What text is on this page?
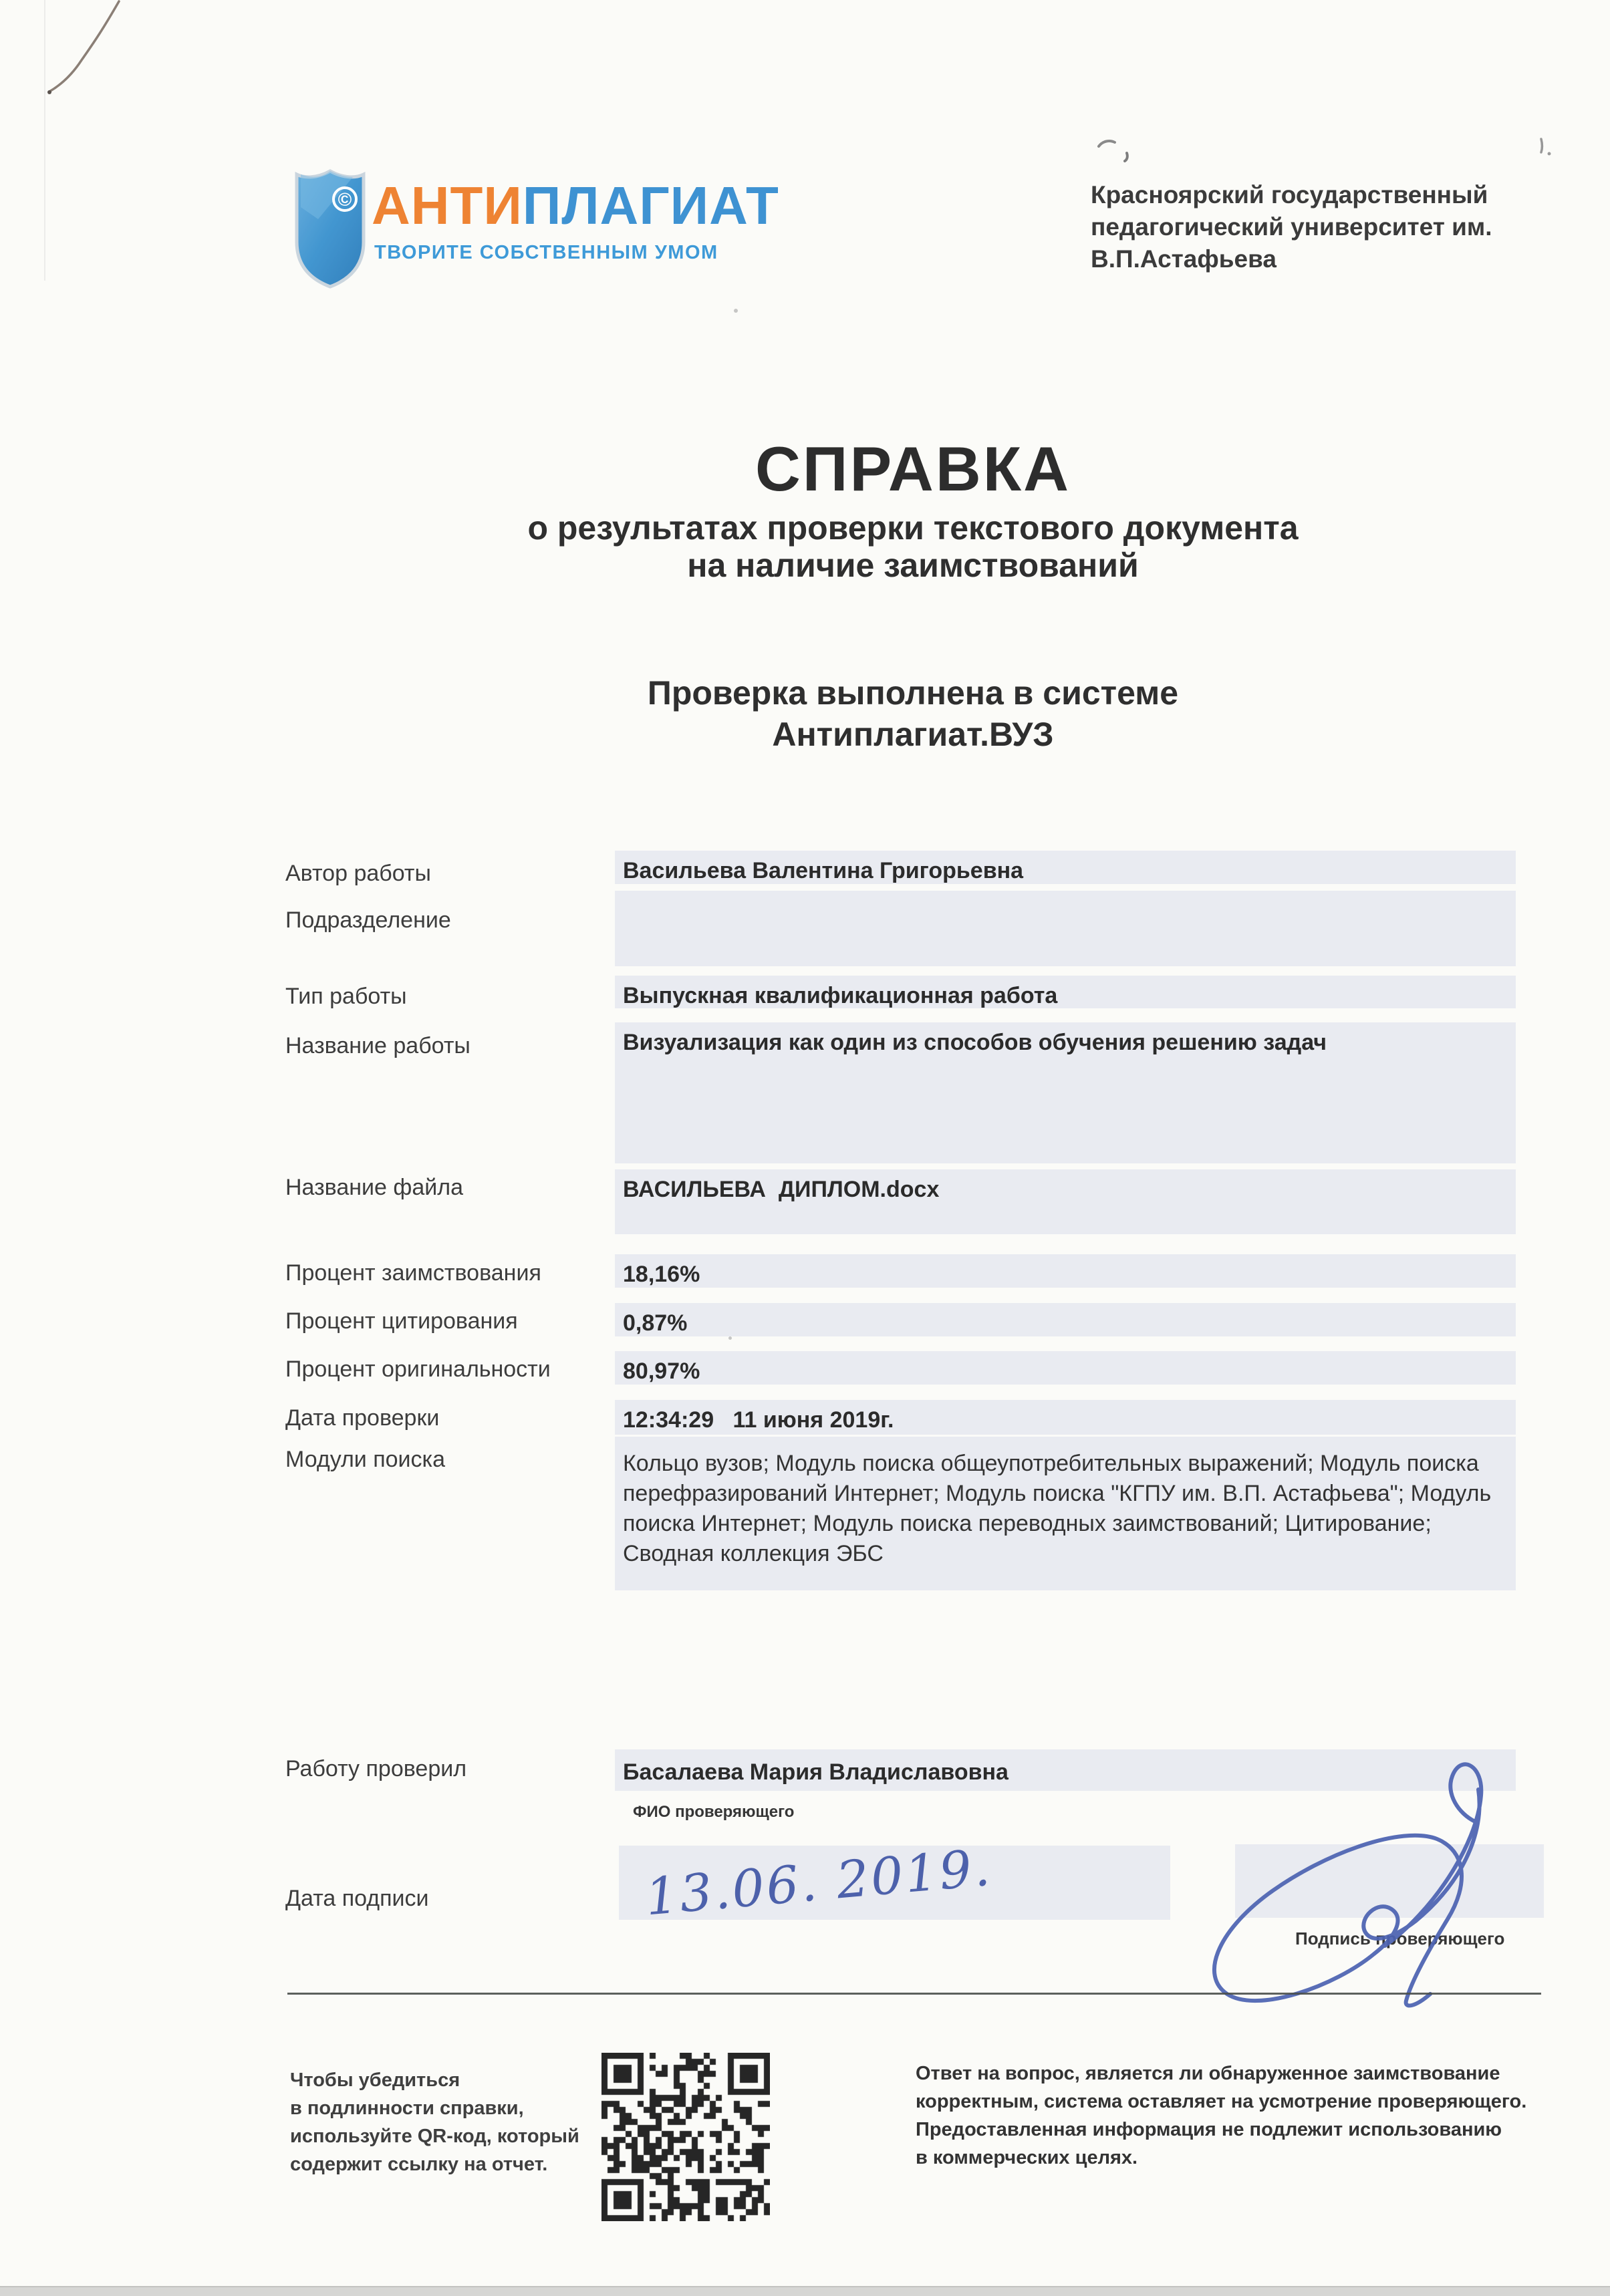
© АНТИПЛАГИАТ
ТВОРИТЕ СОБСТВЕННЫМ УМОМ
Красноярский государственный
педагогический университет им.
В.П.Астафьева
СПРАВКА
о результатах проверки текстового документа
на наличие заимствований
Проверка выполнена в системе
Антиплагиат.ВУЗ
Автор работы	Васильева Валентина Григорьевна
Подразделение
Тип работы	Выпускная квалификационная работа
Название работы	Визуализация как один из способов обучения решению задач
Название файла	ВАСИЛЬЕВА  ДИПЛОМ.docx
Процент заимствования	18,16%
Процент цитирования	0,87%
Процент оригинальности	80,97%
Дата проверки	12:34:29   11 июня 2019г.
Модули поиска	Кольцо вузов; Модуль поиска общеупотребительных выражений; Модуль поиска перефразирований Интернет; Модуль поиска "КГПУ им. В.П. Астафьева"; Модуль поиска Интернет; Модуль поиска переводных заимствований; Цитирование; Сводная коллекция ЭБС
Работу проверил	Басалаева Мария Владиславовна
ФИО проверяющего
Дата подписи	13.06. 2019.
Подпись проверяющего
Чтобы убедиться
в подлинности справки,
используйте QR-код, который
содержит ссылку на отчет.
Ответ на вопрос, является ли обнаруженное заимствование
корректным, система оставляет на усмотрение проверяющего.
Предоставленная информация не подлежит использованию
в коммерческих целях.
